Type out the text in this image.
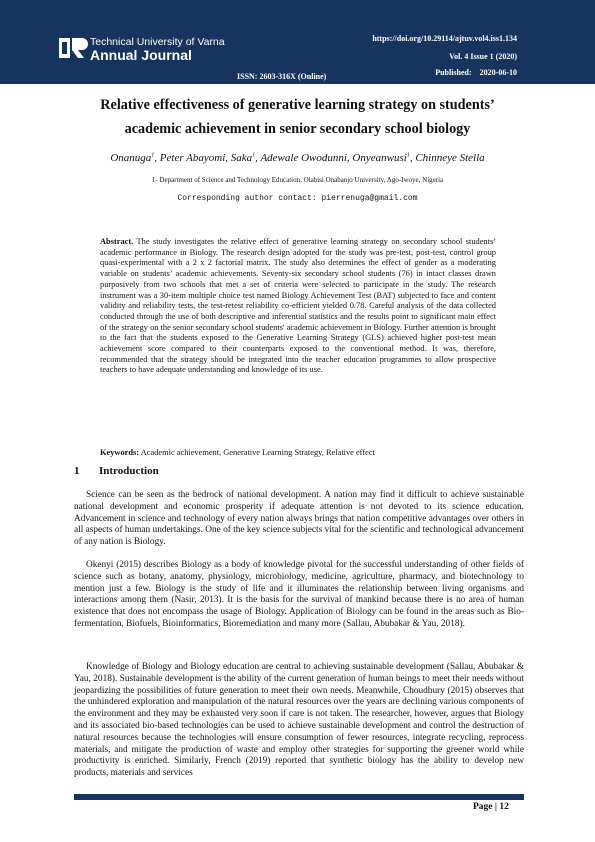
Technical University of Varna
Annual Journal
ISSN: 2603-316X (Online)
https://doi.org/10.29114/ajtuv.vol4.iss1.134
Vol. 4 Issue 1 (2020)
Published: 2020-06-10
Relative effectiveness of generative learning strategy on students’
academic achievement in senior secondary school biology
Onanuga$^1$, Peter Abayomi, Saka$^1$, Adewale Owodunni, Onyeanwusi$^1$, Chinneye Stella
1- Department of Science and Technology Education, Olabisi Onabanjo University, Ago-Iwoye, Nigeria
Corresponding author contact: pierrenuga@gmail.com

Abstract. The study investigates the relative effect of generative learning strategy on secondary school students’ academic performance in Biology. The research design adopted for the study was pre-test, post-test, control group quasi-experimental with a 2 x 2 factorial matrix. The study also determines the effect of gender as a moderating variable on students’ academic achievements. Seventy-six secondary school students (76) in intact classes drawn purposively from two schools that met a set of criteria were selected to participate in the study. The research instrument was a 30-item multiple choice test named Biology Achievement Test (BAT) subjected to face and content validity and reliability tests, the test-retest reliability co-efficient yielded 0.78. Careful analysis of the data collected conducted through the use of both descriptive and inferential statistics and the results point to significant main effect of the strategy on the senior secondary school students' academic achievement in Biology. Further attention is brought to the fact that the students exposed to the Generative Learning Strategy (GLS) achieved higher post-test mean achievement score compared to their counterparts exposed to the conventional method. It was, therefore, recommended that the strategy should be integrated into the teacher education programmes to allow prospective teachers to have adequate understanding and knowledge of its use.

Keywords: Academic achievement, Generative Learning Strategy, Relative effect

1 Introduction

Science can be seen as the bedrock of national development. A nation may find it difficult to achieve sustainable national development and economic prosperity if adequate attention is not devoted to its science education. Advancement in science and technology of every nation always brings that nation competitive advantages over others in all aspects of human undertakings. One of the key science subjects vital for the scientific and technological advancement of any nation is Biology.

Okenyi (2015) describes Biology as a body of knowledge pivotal for the successful understanding of other fields of science such as botany, anatomy, physiology, microbiology, medicine, agriculture, pharmacy, and biotechnology to mention just a few. Biology is the study of life and it illuminates the relationship between living organisms and interactions among them (Nasir, 2013). It is the basis for the survival of mankind because there is no area of human existence that does not encompass the usage of Biology. Application of Biology can be found in the areas such as Bio-fermentation, Biofuels, Bioinformatics, Bioremediation and many more (Sallau, Abubakar & Yau, 2018).

Knowledge of Biology and Biology education are central to achieving sustainable development (Sallau, Abubakar & Yau, 2018). Sustainable development is the ability of the current generation of human beings to meet their needs without jeopardizing the possibilities of future generation to meet their own needs. Meanwhile, Choudhury (2015) observes that the unhindered exploration and manipulation of the natural resources over the years are declining various components of the environment and they may be exhausted very soon if care is not taken. The researcher, however, argues that Biology and its associated bio-based technologies can be used to achieve sustainable development and control the destruction of natural resources because the technologies will ensure consumption of fewer resources, integrate recycling, reprocess materials, and mitigate the production of waste and employ other strategies for supporting the greener world while productivity is enriched. Similarly, French (2019) reported that synthetic biology has the ability to develop new products, materials and services

Page | 12
